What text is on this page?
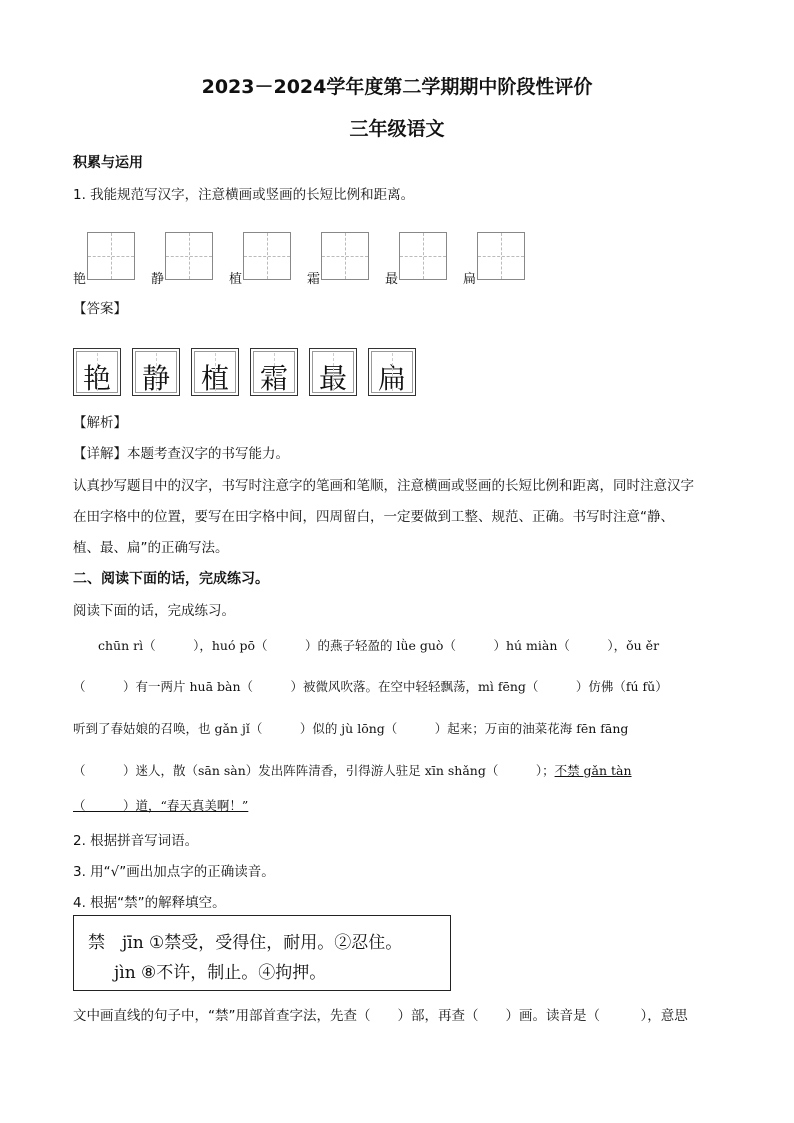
2023－2024学年度第二学期期中阶段性评价
三年级语文
积累与运用
1. 我能规范写汉字，注意横画或竖画的长短比例和距离。
艳	静	植	霜	最	扁
【答案】
艳	静	植	霜	最	扁
【解析】
【详解】本题考查汉字的书写能力。
认真抄写题目中的汉字，书写时注意字的笔画和笔顺，注意横画或竖画的长短比例和距离，同时注意汉字
在田字格中的位置，要写在田字格中间，四周留白，一定要做到工整、规范、正确。书写时注意“静、
植、最、扁”的正确写法。
二、阅读下面的话，完成练习。
阅读下面的话，完成练习。
chūn rì（　　　），huó pō（　　　）的燕子轻盈的 lǜe guò（　　　）hú miàn（　　　），ǒu ěr
（　　　）有一两片 huā bàn（　　　）被微风吹落。在空中轻轻飘荡，mì fēng（　　　）仿佛（fú fǔ）
听到了春姑娘的召唤，也 gǎn jǐ（　　　）似的 jù lōng（　　　）起来；万亩的油菜花海 fēn fāng
（　　　）迷人，散（sān sàn）发出阵阵清香，引得游人驻足 xīn shǎng（　　　）；不禁 gǎn tàn
（　　　）道，“春天真美啊！”
2. 根据拼音写词语。
3. 用“√”画出加点字的正确读音。
4. 根据“禁”的解释填空。
禁　jīn ①禁受，受得住，耐用。②忍住。
jìn ⑧不许，制止。④拘押。
文中画直线的句子中，“禁”用部首查字法，先查（　　）部，再查（　　）画。读音是（　　　），意思
